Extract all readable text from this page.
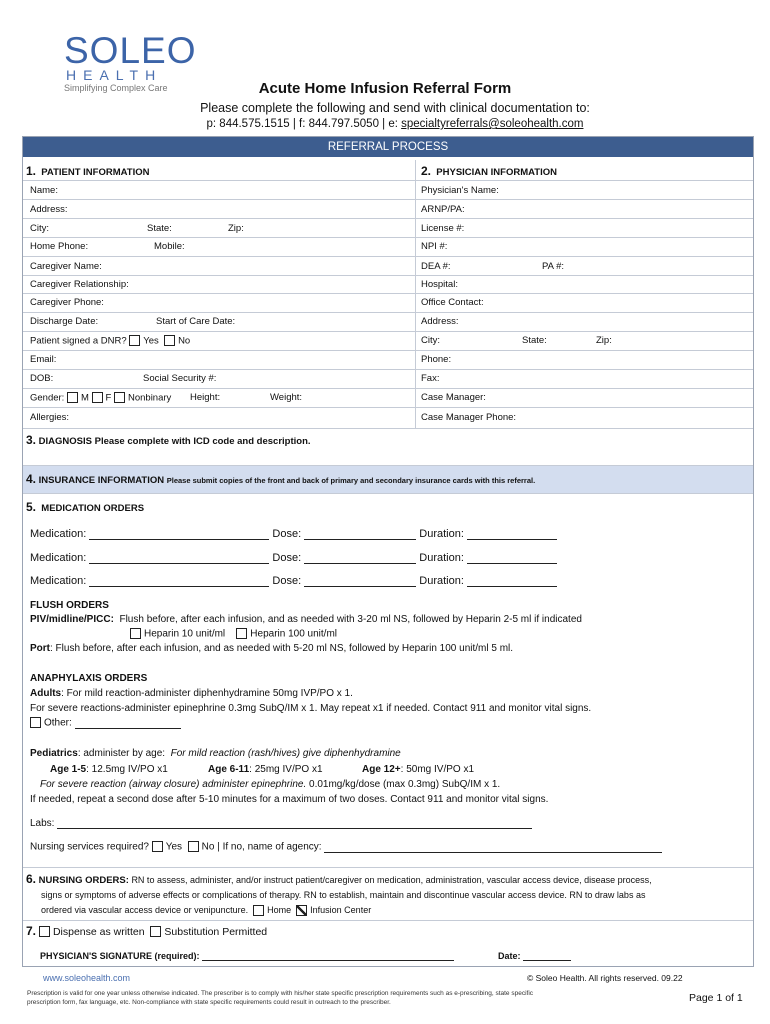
SOLEO
HEALTH
Simplifying Complex Care	Acute Home Infusion Referral Form
Please complete the following and send with clinical documentation to:
p: 844.575.1515 | f: 844.797.5050 | e: specialtyreferrals@soleohealth.com
REFERRAL PROCESS
1. PATIENT INFORMATION	2. PHYSICIAN INFORMATION
Name:
Address:
City:	State:	Zip:
Home Phone:	Mobile:
Caregiver Name:
Caregiver Relationship:
Caregiver Phone:
Discharge Date:	Start of Care Date:
Patient signed a DNR? Yes No
Email:
DOB:	Social Security #:
Gender: M F Nonbinary Height:	Weight:
Allergies:
Physician's Name:
ARNP/PA:
License #:
NPI #:
DEA #:	PA #:
Hospital:
Office Contact:
Address:
City:	State:	Zip:
Phone:
Fax:
Case Manager:
Case Manager Phone:
3. DIAGNOSIS Please complete with ICD code and description.
4. INSURANCE INFORMATION Please submit copies of the front and back of primary and secondary insurance cards with this referral.
5. MEDICATION ORDERS
Medication:	Dose:	Duration:
Medication:	Dose:	Duration:
Medication:	Dose:	Duration:
FLUSH ORDERS
PIV/midline/PICC: Flush before, after each infusion, and as needed with 3-20 ml NS, followed by Heparin 2-5 ml if indicated
Heparin 10 unit/ml	Heparin 100 unit/ml
Port: Flush before, after each infusion, and as needed with 5-20 ml NS, followed by Heparin 100 unit/ml 5 ml.
ANAPHYLAXIS ORDERS
Adults: For mild reaction-administer diphenhydramine 50mg IVP/PO x 1.
For severe reactions-administer epinephrine 0.3mg SubQ/IM x 1. May repeat x1 if needed. Contact 911 and monitor vital signs.
Other:
Pediatrics: administer by age: For mild reaction (rash/hives) give diphenhydramine
Age 1-5: 12.5mg IV/PO x1	Age 6-11: 25mg IV/PO x1	Age 12+: 50mg IV/PO x1
For severe reaction (airway closure) administer epinephrine. 0.01mg/kg/dose (max 0.3mg) SubQ/IM x 1.
If needed, repeat a second dose after 5-10 minutes for a maximum of two doses. Contact 911 and monitor vital signs.
Labs:
Nursing services required? Yes No | If no, name of agency:
6. NURSING ORDERS: RN to assess, administer, and/or instruct patient/caregiver on medication, administration, vascular access device, disease process,
signs or symptoms of adverse effects or complications of therapy. RN to establish, maintain and discontinue vascular access device. RN to draw labs as
ordered via vascular access device or venipuncture. Home Infusion Center
7. Dispense as written Substitution Permitted
PHYSICIAN'S SIGNATURE (required):	Date:
www.soleohealth.com	© Soleo Health. All rights reserved. 09.22
Prescription is valid for one year unless otherwise indicated. The prescriber is to comply with his/her state specific prescription requirements such as e-prescribing, state specific
prescription form, fax language, etc. Non-compliance with state specific requirements could result in outreach to the prescriber.	Page 1 of 1
